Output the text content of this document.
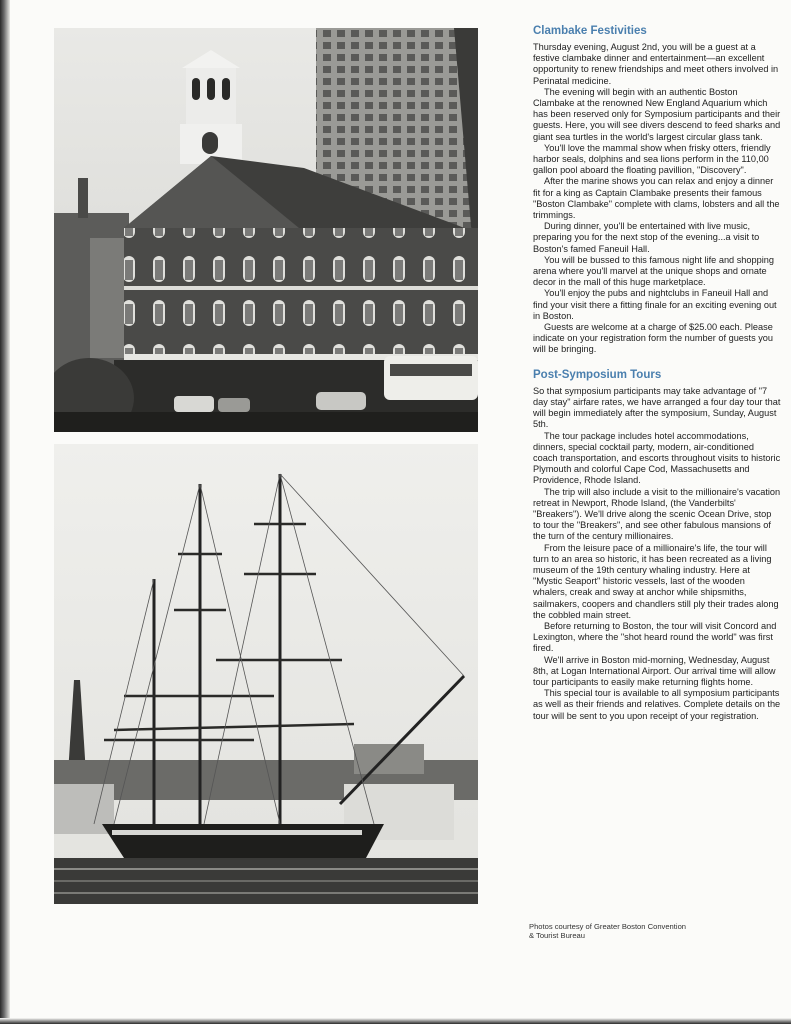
Clambake Festivities

Thursday evening, August 2nd, you will be a guest at a festive clambake dinner and entertainment—an excellent opportunity to renew friendships and meet others involved in Perinatal medicine.

The evening will begin with an authentic Boston Clambake at the renowned New England Aquarium which has been reserved only for Symposium participants and their guests. Here, you will see divers descend to feed sharks and giant sea turtles in the world's largest circular glass tank.

You'll love the mammal show when frisky otters, friendly harbor seals, dolphins and sea lions perform in the 110,00 gallon pool aboard the floating pavillion, "Discovery".

After the marine shows you can relax and enjoy a dinner fit for a king as Captain Clambake presents their famous "Boston Clambake" complete with clams, lobsters and all the trimmings.

During dinner, you'll be entertained with live music, preparing you for the next stop of the evening...a visit to Boston's famed Faneuil Hall.

You will be bussed to this famous night life and shopping arena where you'll marvel at the unique shops and ornate decor in the mall of this huge marketplace.

You'll enjoy the pubs and nightclubs in Faneuil Hall and find your visit there a fitting finale for an exciting evening out in Boston.

Guests are welcome at a charge of $25.00 each. Please indicate on your registration form the number of guests you will be bringing.

Post-Symposium Tours

So that symposium participants may take advantage of "7 day stay" airfare rates, we have arranged a four day tour that will begin immediately after the symposium, Sunday, August 5th.

The tour package includes hotel accommodations, dinners, special cocktail party, modern, air-conditioned coach transportation, and escorts throughout visits to historic Plymouth and colorful Cape Cod, Massachusetts and Providence, Rhode Island.

The trip will also include a visit to the millionaire's vacation retreat in Newport, Rhode Island, (the Vanderbilts' "Breakers"). We'll drive along the scenic Ocean Drive, stop to tour the "Breakers", and see other fabulous mansions of the turn of the century millionaires.

From the leisure pace of a millionaire's life, the tour will turn to an area so historic, it has been recreated as a living museum of the 19th century whaling industry. Here at "Mystic Seaport" historic vessels, last of the wooden whalers, creak and sway at anchor while shipsmiths, sailmakers, coopers and chandlers still ply their trades along the cobbled main street.

Before returning to Boston, the tour will visit Concord and Lexington, where the "shot heard round the world" was first fired.

We'll arrive in Boston mid-morning, Wednesday, August 8th, at Logan International Airport. Our arrival time will allow tour participants to easily make returning flights home.

This special tour is available to all symposium participants as well as their friends and relatives. Complete details on the tour will be sent to you upon receipt of your registration.

Photos courtesy of Greater Boston Convention
& Tourist Bureau
